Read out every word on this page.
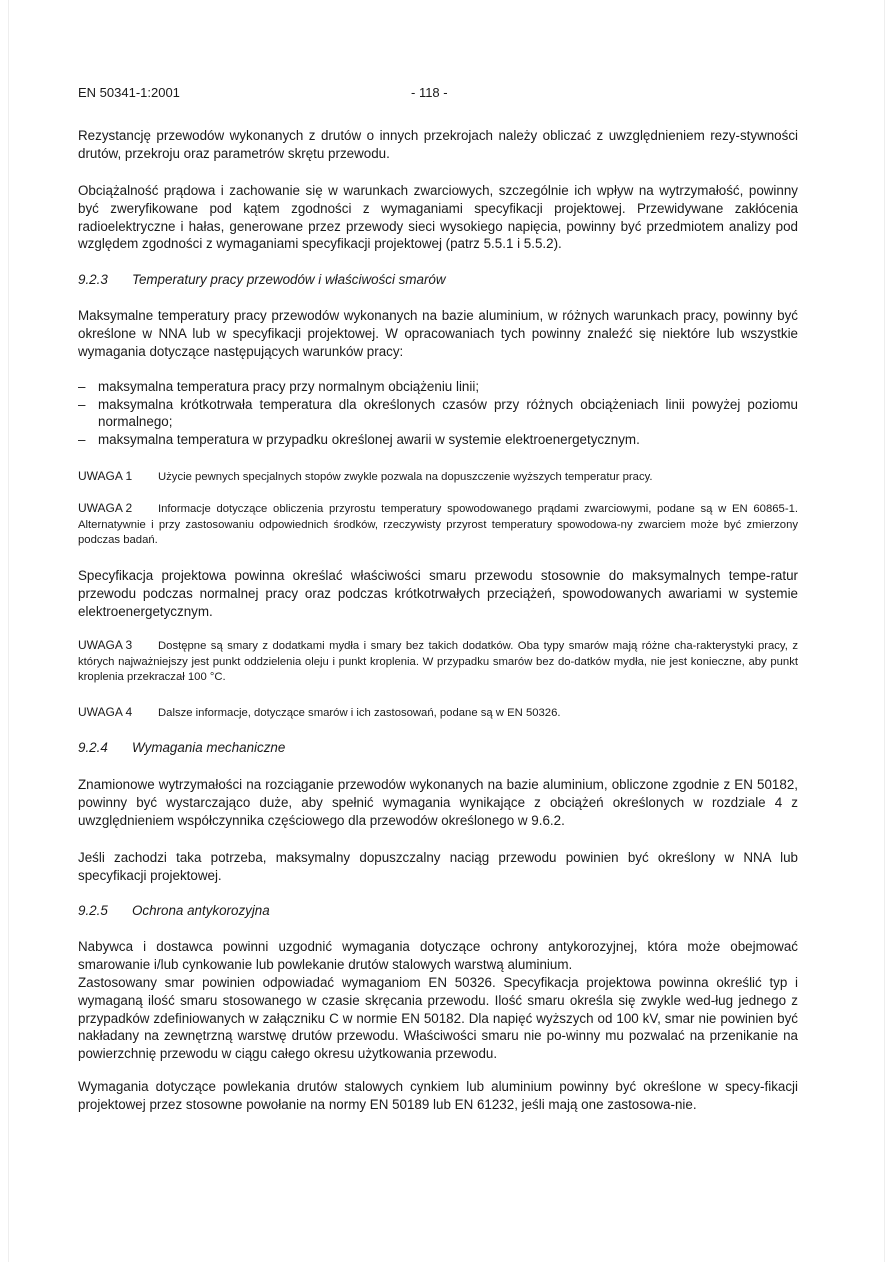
EN 50341-1:2001	- 118 -

Rezystancję przewodów wykonanych z drutów o innych przekrojach należy obliczać z uwzględnieniem rezy-stywności drutów, przekroju oraz parametrów skrętu przewodu.

Obciążalność prądowa i zachowanie się w warunkach zwarciowych, szczególnie ich wpływ na wytrzymałość, powinny być zweryfikowane pod kątem zgodności z wymaganiami specyfikacji projektowej. Przewidywane zakłócenia radioelektryczne i hałas, generowane przez przewody sieci wysokiego napięcia, powinny być przedmiotem analizy pod względem zgodności z wymaganiami specyfikacji projektowej (patrz 5.5.1 i 5.5.2).

9.2.3 Temperatury pracy przewodów i właściwości smarów

Maksymalne temperatury pracy przewodów wykonanych na bazie aluminium, w różnych warunkach pracy, powinny być określone w NNA lub w specyfikacji projektowej. W opracowaniach tych powinny znaleźć się niektóre lub wszystkie wymagania dotyczące następujących warunków pracy:

– maksymalna temperatura pracy przy normalnym obciążeniu linii;
– maksymalna krótkotrwała temperatura dla określonych czasów przy różnych obciążeniach linii powyżej poziomu normalnego;
– maksymalna temperatura w przypadku określonej awarii w systemie elektroenergetycznym.

UWAGA 1 Użycie pewnych specjalnych stopów zwykle pozwala na dopuszczenie wyższych temperatur pracy.

UWAGA 2 Informacje dotyczące obliczenia przyrostu temperatury spowodowanego prądami zwarciowymi, podane są w EN 60865-1. Alternatywnie i przy zastosowaniu odpowiednich środków, rzeczywisty przyrost temperatury spowodowa-ny zwarciem może być zmierzony podczas badań.

Specyfikacja projektowa powinna określać właściwości smaru przewodu stosownie do maksymalnych tempe-ratur przewodu podczas normalnej pracy oraz podczas krótkotrwałych przeciążeń, spowodowanych awariami w systemie elektroenergetycznym.

UWAGA 3 Dostępne są smary z dodatkami mydła i smary bez takich dodatków. Oba typy smarów mają różne cha-rakterystyki pracy, z których najważniejszy jest punkt oddzielenia oleju i punkt kroplenia. W przypadku smarów bez do-datków mydła, nie jest konieczne, aby punkt kroplenia przekraczał 100 °C.

UWAGA 4 Dalsze informacje, dotyczące smarów i ich zastosowań, podane są w EN 50326.

9.2.4 Wymagania mechaniczne

Znamionowe wytrzymałości na rozciąganie przewodów wykonanych na bazie aluminium, obliczone zgodnie z EN 50182, powinny być wystarczająco duże, aby spełnić wymagania wynikające z obciążeń określonych w rozdziale 4 z uwzględnieniem współczynnika częściowego dla przewodów określonego w 9.6.2.

Jeśli zachodzi taka potrzeba, maksymalny dopuszczalny naciąg przewodu powinien być określony w NNA lub specyfikacji projektowej.

9.2.5 Ochrona antykorozyjna

Nabywca i dostawca powinni uzgodnić wymagania dotyczące ochrony antykorozyjnej, która może obejmować smarowanie i/lub cynkowanie lub powlekanie drutów stalowych warstwą aluminium.

Zastosowany smar powinien odpowiadać wymaganiom EN 50326. Specyfikacja projektowa powinna określić typ i wymaganą ilość smaru stosowanego w czasie skręcania przewodu. Ilość smaru określa się zwykle wed-ług jednego z przypadków zdefiniowanych w załączniku C w normie EN 50182. Dla napięć wyższych od 100 kV, smar nie powinien być nakładany na zewnętrzną warstwę drutów przewodu. Właściwości smaru nie po-winny mu pozwalać na przenikanie na powierzchnię przewodu w ciągu całego okresu użytkowania przewodu.

Wymagania dotyczące powlekania drutów stalowych cynkiem lub aluminium powinny być określone w specy-fikacji projektowej przez stosowne powołanie na normy EN 50189 lub EN 61232, jeśli mają one zastosowa-nie.
